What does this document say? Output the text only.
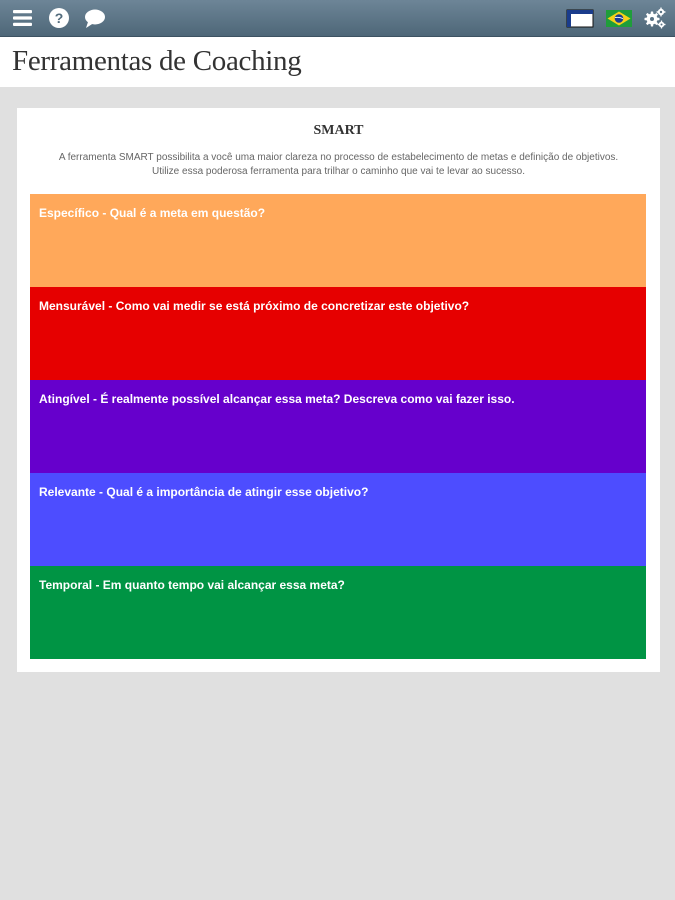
?
Ferramentas de Coaching
SMART
A ferramenta SMART possibilita a você uma maior clareza no processo de estabelecimento de metas e definição de objetivos.
Utilize essa poderosa ferramenta para trilhar o caminho que vai te levar ao sucesso.
Específico - Qual é a meta em questão?
Mensurável - Como vai medir se está próximo de concretizar este objetivo?
Atingível - É realmente possível alcançar essa meta? Descreva como vai fazer isso.
Relevante - Qual é a importância de atingir esse objetivo?
Temporal - Em quanto tempo vai alcançar essa meta?
